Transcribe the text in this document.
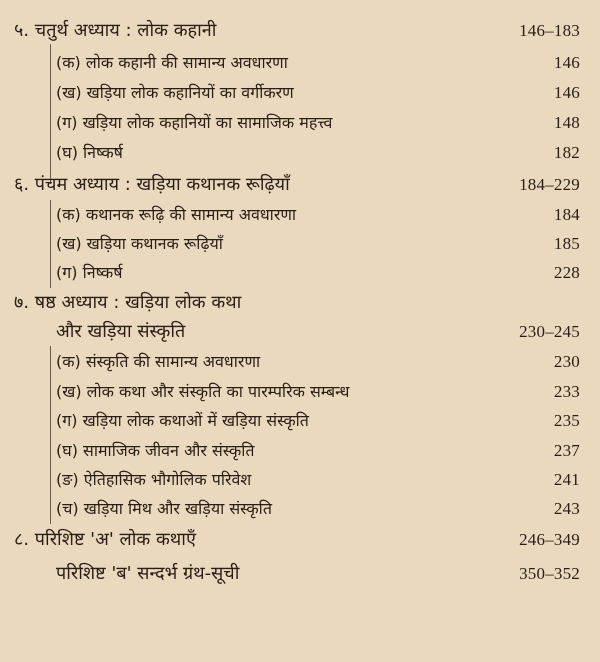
५. चतुर्थ अध्याय : लोक कहानी	146–183
(क) लोक कहानी की सामान्य अवधारणा	146
(ख) खड़िया लोक कहानियों का वर्गीकरण	146
(ग) खड़िया लोक कहानियों का सामाजिक महत्त्व	148
(घ) निष्कर्ष	182
६. पंचम अध्याय : खड़िया कथानक रूढ़ियाँ	184–229
(क) कथानक रूढ़ि की सामान्य अवधारणा	184
(ख) खड़िया कथानक रूढ़ियाँ	185
(ग) निष्कर्ष	228
७. षष्ठ अध्याय : खड़िया लोक कथा
और खड़िया संस्कृति	230–245
(क) संस्कृति की सामान्य अवधारणा	230
(ख) लोक कथा और संस्कृति का पारम्परिक सम्बन्ध	233
(ग) खड़िया लोक कथाओं में खड़िया संस्कृति	235
(घ) सामाजिक जीवन और संस्कृति	237
(ङ) ऐतिहासिक भौगोलिक परिवेश	241
(च) खड़िया मिथ और खड़िया संस्कृति	243
८. परिशिष्ट 'अ' लोक कथाएँ	246–349
परिशिष्ट 'ब' सन्दर्भ ग्रंथ-सूची	350–352
